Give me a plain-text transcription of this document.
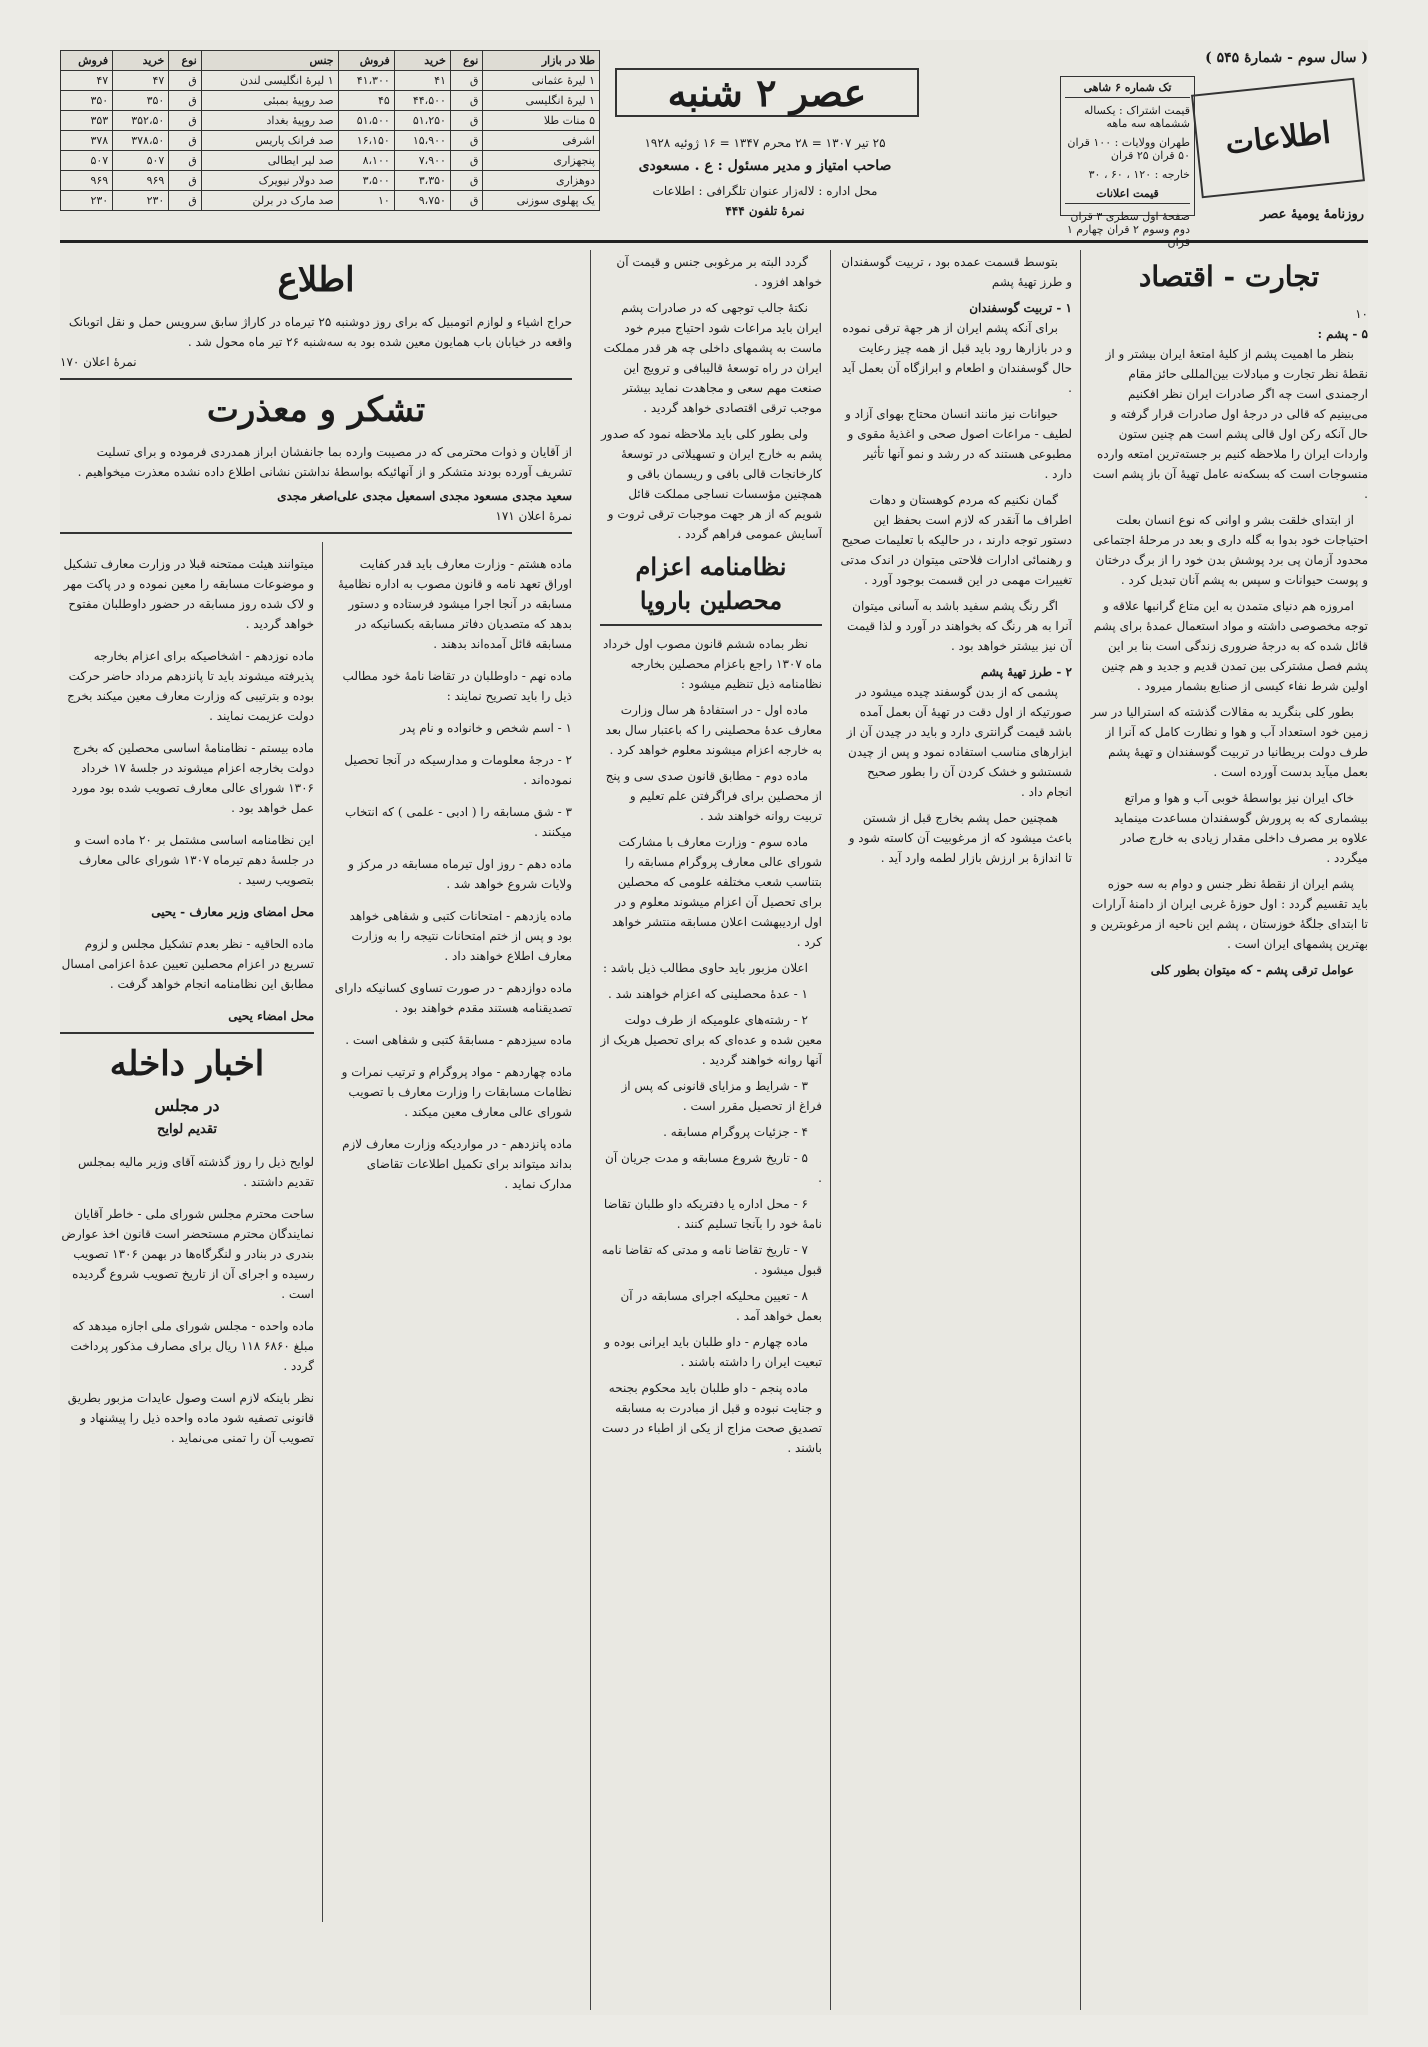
( سال سوم - شمارهٔ ۵۴۵ )
اطلاعات
روزنامهٔ یومیهٔ عصر
تک شماره ۶ شاهی
قیمت اشتراک : یکساله ششماهه سه ماهه
طهران وولایات : ۱۰۰ قران ۵۰ قران ۲۵ قران
خارجه : ۱۲۰ ، ۶۰ ، ۳۰
قیمت اعلانات
صفحهٔ اول سطری ۳ قران دوم وسوم ۲ قران چهارم ۱ قران
عصر ۲ شنبه
۲۵ تیر ۱۳۰۷ = ۲۸ محرم ۱۳۴۷ = ۱۶ ژوئیه ۱۹۲۸
صاحب امتیاز و مدیر مسئول : ع . مسعودی
محل اداره : لاله‌زار عنوان تلگرافی : اطلاعات
نمرهٔ تلفون ۴۴۴
طلا در بازار	نوع	خرید	فروش	جنس	نوع	خرید	فروش
۱ لیرهٔ عثمانی	ق	۴۱	۴۱،۳۰۰	۱ لیرهٔ انگلیسی لندن	ق	۴۷	۴۷
۱ لیرهٔ انگلیسی	ق	۴۴،۵۰۰	۴۵	صد روپیهٔ بمبئی	ق	۳۵۰	۳۵۰
۵ منات طلا	ق	۵۱،۲۵۰	۵۱،۵۰۰	صد روپیهٔ بغداد	ق	۳۵۲،۵۰	۳۵۳
اشرفی	ق	۱۵،۹۰۰	۱۶،۱۵۰	صد فرانک پاریس	ق	۳۷۸،۵۰	۳۷۸
پنجهزاری	ق	۷،۹۰۰	۸،۱۰۰	صد لیر ایطالی	ق	۵۰۷	۵۰۷
دوهزاری	ق	۳،۳۵۰	۳،۵۰۰	صد دولار نیویرک	ق	۹۶۹	۹۶۹
یک پهلوی سوزنی	ق	۹،۷۵۰	۱۰	صد مارک در برلن	ق	۲۳۰	۲۳۰
تجارت - اقتصاد
۱۰
۵ - پشم :

بنظر ما اهمیت پشم از کلیهٔ امتعهٔ ایران بیشتر و از نقطهٔ نظر تجارت و مبادلات بین‌المللی حائز مقام ارجمندی است چه اگر صادرات ایران نظر افکنیم می‌بینیم که قالی در درجهٔ اول صادرات قرار گرفته و حال آنکه رکن اول قالی پشم است هم چنین ستون واردات ایران را ملاحظه کنیم بر جسته‌ترین امتعه وارده منسوجات است که بسکه‌نه عامل تهیهٔ آن باز پشم است .

از ابتدای خلقت بشر و اوانی که نوع انسان بعلت احتیاجات خود بدوا به گله داری و بعد در مرحلهٔ اجتماعی محدود آزمان پی برد پوشش بدن خود را از برگ درختان و پوست حیوانات و سپس به پشم آنان تبدیل کرد .

امروزه هم دنیای متمدن به این متاع گرانبها علاقه و توجه مخصوصی داشته و مواد استعمال عمدهٔ برای پشم قائل شده که به درجهٔ ضروری زندگی است بنا بر این پشم فصل مشترکی بین تمدن قدیم و جدید و هم چنین اولین شرط نفاء کیسی از صنایع بشمار میرود .

بطور کلی بنگرید به مقالات گذشته که استرالیا در سر زمین خود استعداد آب و هوا و نظارت کامل که آنرا از طرف دولت بریطانیا در تربیت گوسفندان و تهیهٔ پشم بعمل میآید بدست آورده است .

خاک ایران نیز بواسطهٔ خوبی آب و هوا و مراتع بیشماری که به پرورش گوسفندان مساعدت مینماید علاوه بر مصرف داخلی مقدار زیادی به خارج صادر میگردد .

پشم ایران از نقطهٔ نظر جنس و دوام به سه حوزه باید تقسیم گردد : اول حوزهٔ غربی ایران از دامنهٔ آرارات تا ابتدای جلگهٔ خوزستان ، پشم این ناحیه از مرغوبترین و بهترین پشمهای ایران است .

عوامل ترقی پشم - که میتوان بطور کلی

بتوسط قسمت عمده بود ، تربیت گوسفندان و طرز تهیهٔ پشم

۱ - تربیت گوسفندان

برای آنکه پشم ایران از هر جهة ترقی نموده و در بازارها رود باید قبل از همه چیز رعایت حال گوسفندان و اطعام و ابرازگاه آن بعمل آید .

حیوانات نیز مانند انسان محتاج بهوای آزاد و لطیف - مراعات اصول صحی و اغذیهٔ مقوی و مطبوعی هستند که در رشد و نمو آنها تأثیر دارد .

گمان نکنیم که مردم کوهستان و دهات اطراف ما آنقدر که لازم است بحفظ این دستور توجه دارند ، در حالیکه با تعلیمات صحیح و رهنمائی ادارات فلاحتی میتوان در اندک مدتی تغییرات مهمی در این قسمت بوجود آورد .

اگر رنگ پشم سفید باشد به آسانی میتوان آنرا به هر رنگ که بخواهند در آورد و لذا قیمت آن نیز بیشتر خواهد بود .

۲ - طرز تهیهٔ پشم

پشمی که از بدن گوسفند چیده میشود در صورتیکه از اول دقت در تهیهٔ آن بعمل آمده باشد قیمت گرانتری دارد و باید در چیدن آن از ابزارهای مناسب استفاده نمود و پس از چیدن شستشو و خشک کردن آن را بطور صحیح انجام داد .

همچنین حمل پشم بخارج قبل از شستن باعث میشود که از مرغوبیت آن کاسته شود و تا اندازهٔ بر ارزش بازار لطمه وارد آید .

گردد البته بر مرغوبی جنس و قیمت آن خواهد افزود .

نکتهٔ جالب توجهی که در صادرات پشم ایران باید مراعات شود احتیاج مبرم خود ماست به پشمهای داخلی چه هر قدر مملکت ایران در راه توسعهٔ قالیبافی و ترویج این صنعت مهم سعی و مجاهدت نماید بیشتر موجب ترقی اقتصادی خواهد گردید .

ولی بطور کلی باید ملاحظه نمود که صدور پشم به خارج ایران و تسهیلاتی در توسعهٔ کارخانجات قالی بافی و ریسمان باقی و همچنین مؤسسات نساجی مملکت قائل شویم که از هر جهت موجبات ترقی ثروت و آسایش عمومی فراهم گردد .

نظامنامه اعزام محصلین باروپا

نظر بماده ششم قانون مصوب اول خرداد ماه ۱۳۰۷ راجع باعزام محصلین بخارجه نظامنامه ذیل تنظیم میشود :

ماده اول - در استفادهٔ هر سال وزارت معارف عدهٔ محصلینی را که باعتبار سال بعد به خارجه اعزام میشوند معلوم خواهد کرد .

ماده دوم - مطابق قانون صدی سی و پنج از محصلین برای فراگرفتن علم تعلیم و تربیت روانه خواهند شد .

ماده سوم - وزارت معارف با مشارکت شورای عالی معارف پروگرام مسابقه را بتناسب شعب مختلفه علومی که محصلین برای تحصیل آن اعزام میشوند معلوم و در اول اردیبهشت اعلان مسابقه منتشر خواهد کرد .

اعلان مزبور باید حاوی مطالب ذیل باشد :

۱ - عدهٔ محصلینی که اعزام خواهند شد .

۲ - رشته‌های علومیکه از طرف دولت معین شده و عده‌ای که برای تحصیل هریک از آنها روانه خواهند گردید .

۳ - شرایط و مزایای قانونی که پس از فراغ از تحصیل مقرر است .

۴ - جزئیات پروگرام مسابقه .

۵ - تاریخ شروع مسابقه و مدت جریان آن .

۶ - محل اداره یا دفتریکه داو طلبان تقاضا نامهٔ خود را بآنجا تسلیم کنند .

۷ - تاریخ تقاضا نامه و مدتی که تقاضا نامه قبول میشود .

۸ - تعیین محلیکه اجرای مسابقه در آن بعمل خواهد آمد .

ماده چهارم - داو طلبان باید ایرانی بوده و تبعیت ایران را داشته باشند .

ماده پنجم - داو طلبان باید محکوم بجنحه و جنایت نبوده و قبل از مبادرت به مسابقه تصدیق صحت مزاج از یکی از اطباء در دست باشند .

اطلاع
حراج اشیاء و لوازم اتومبیل که برای روز دوشنبه ۲۵ تیرماه در کاراژ سابق سرویس حمل و نقل اتوبانک واقعه در خیابان باب همایون معین شده بود به سه‌شنبه ۲۶ تیر ماه محول شد .
نمرهٔ اعلان ۱۷۰
تشکر و معذرت
از آقایان و ذوات محترمی که در مصیبت وارده بما جانفشان ابراز همدردی فرموده و برای تسلیت تشریف آورده بودند متشکر و از آنهائیکه بواسطهٔ نداشتن نشانی اطلاع داده نشده معذرت میخواهیم .
سعید مجدی مسعود مجدی اسمعیل مجدی علی‌اصغر مجدی
نمرهٔ اعلان ۱۷۱

ماده هشتم - وزارت معارف باید قدر کفایت اوراق تعهد نامه و قانون مصوب به اداره نظامیهٔ مسابقه در آنجا اجرا میشود فرستاده و دستور بدهد که متصدیان دفاتر مسابقه بکسانیکه در مسابقه قائل آمده‌اند بدهند .

ماده نهم - داوطلبان در تقاضا نامهٔ خود مطالب ذیل را باید تصریح نمایند :

۱ - اسم شخص و خانواده و نام پدر

۲ - درجهٔ معلومات و مدارسیکه در آنجا تحصیل نموده‌اند .

۳ - شق مسابقه را ( ادبی - علمی ) که انتخاب میکنند .

ماده دهم - روز اول تیرماه مسابقه در مرکز و ولایات شروع خواهد شد .

ماده یازدهم - امتحانات کتبی و شفاهی خواهد بود و پس از ختم امتحانات نتیجه را به وزارت معارف اطلاع خواهند داد .

ماده دوازدهم - در صورت تساوی کسانیکه دارای تصدیقنامه هستند مقدم خواهند بود .

ماده سیزدهم - مسابقهٔ کتبی و شفاهی است .

ماده چهاردهم - مواد پروگرام و ترتیب نمرات و نظامات مسابقات را وزارت معارف با تصویب شورای عالی معارف معین میکند .

ماده پانزدهم - در مواردیکه وزارت معارف لازم بداند میتواند برای تکمیل اطلاعات تقاضای مدارک نماید .

میتوانند هیئت ممتحنه قبلا در وزارت معارف تشکیل و موضوعات مسابقه را معین نموده و در پاکت مهر و لاک شده روز مسابقه در حضور داوطلبان مفتوح خواهد گردید .

ماده نوزدهم - اشخاصیکه برای اعزام بخارجه پذیرفته میشوند باید تا پانزدهم مرداد حاضر حرکت بوده و بترتیبی که وزارت معارف معین میکند بخرج دولت عزیمت نمایند .

ماده بیستم - نظامنامهٔ اساسی محصلین که بخرج دولت بخارجه اعزام میشوند در جلسهٔ ۱۷ خرداد ۱۳۰۶ شورای عالی معارف تصویب شده بود مورد عمل خواهد بود .

این نظامنامه اساسی مشتمل بر ۲۰ ماده است و در جلسهٔ دهم تیرماه ۱۳۰۷ شورای عالی معارف بتصویب رسید .

محل امضای وزیر معارف - یحیی

ماده الحاقیه - نظر بعدم تشکیل مجلس و لزوم تسریع در اعزام محصلین تعیین عدهٔ اعزامی امسال مطابق این نظامنامه انجام خواهد گرفت .

محل امضاء یحیی
اخبار داخله
در مجلس
تقدیم لوایح

لوایح ذیل را روز گذشته آقای وزیر مالیه بمجلس تقدیم داشتند .

ساحت محترم مجلس شورای ملی - خاطر آقایان نمایندگان محترم مستحضر است قانون اخذ عوارض بندری در بنادر و لنگرگاه‌ها در بهمن ۱۳۰۶ تصویب رسیده و اجرای آن از تاریخ تصویب شروع گردیده است .

ماده واحده - مجلس شورای ملی اجازه میدهد که مبلغ ۶۸۶۰ ۱۱۸ ریال برای مصارف مذکور پرداخت گردد .

نظر باینکه لازم است وصول عایدات مزبور بطریق قانونی تصفیه شود ماده واحده ذیل را پیشنهاد و تصویب آن را تمنی می‌نماید .
